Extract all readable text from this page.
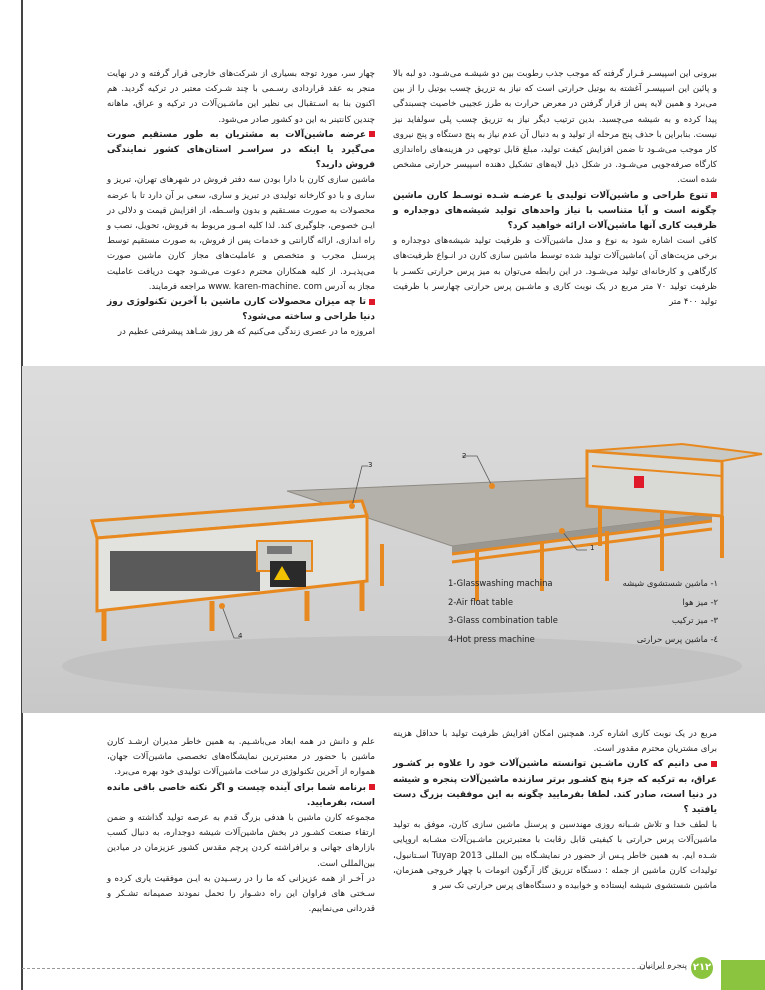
بیرونی این اسپیسـر قـرار گرفته که موجب جذب رطوبت بین دو شیشـه می‌شـود. دو لبه بالا و پائین این اسپیسـر آغشته به بوتیل حرارتی است که نیاز به تزریق چسب بوتیل را از بین می‌برد و همین لایه پس از قرار گرفتن در معرض حرارت به طرز عجیبی خاصیت چسبندگی پیدا کرده و به شیشه می‌چسبد. بدین ترتیب دیگر نیاز به تزریق چسب پلی سولفاید نیز نیست. بنابراین با حذف پنج مرحله از تولید و به دنبال آن عدم نیاز به پنج دستگاه و پنج نیروی کار موجب می‌شـود تا ضمن افزایش کیفت تولید، مبلغ قابل توجهی در هزینه‌های راه‌اندازی کارگاه صرفه‌جویی می‌شـود. در شکل ذیل لایه‌های تشکیل دهنده اسپیسر حرارتی مشخص شده است.

تنوع طراحی و ماشین‌آلات تولیدی یا عرضـه شـده توسـط کارن ماشین چگونه است و آیا متناسب با نیاز واحدهای تولید شیشه‌های دوجداره و ظرفیت کاری آنها ماشین‌آلات ارائه خواهید کرد؟

کافی است اشاره شود به نوع و مدل ماشین‌آلات و ظرفیت تولید شیشه‌های دوجداره و برخی مزیت‌های آن )ماشین‌آلات تولید شده توسط ماشین سازی کارن در انـواع ظرفیت‌های کارگاهی و کارخانه‌ای تولید می‌شـود. در این رابطه می‌توان به میز پرس حرارتی تکسـر با ظرفیت تولید ۷۰ متر مربع در یک نوبت کاری و ماشـین پرس حرارتی چهارسر با ظرفیت تولید ۴۰۰ متر

چهار سر، مورد توجه بسیاری از شرکت‌های خارجی قرار گرفته و در نهایت منجر به عقد قراردادی رسـمی با چند شـرکت معتبر در ترکیه گردید. هم اکنون بنا به اسـتقبال بی نظیر این ماشـین‌آلات در ترکیه و عراق، ماهانه چندین کانتینر به این دو کشور صادر می‌شود.

عرضه ماشین‌آلات به مشتریان به طور مستقیم صورت می‌گیرد یا اینکه در سراسـر استان‌های کشور نمایندگی فروش دارید؟

ماشین سازی کارن با دارا بودن سه دفتر فروش در شهرهای تهران، تبریز و ساری و با دو کارخانه تولیدی در تبریز و ساری، سعی بر آن دارد تا با عرضه محصولات به صورت مسـتقیم و بدون واسـطه، از افزایش قیمت و دلالی در ایـن خصوص، جلوگیری کند. لذا کلیه امـور مربوط به فروش، تحویل، نصب و راه اندازی، ارائه گارانتی و خدمات پس از فروش، به صورت مستقیم توسط پرسنل مجرب و متخصص و عاملیت‌های مجاز کارن ماشین صورت می‌پذیـرد. از کلیه همکاران محترم دعوت می‌شـود جهت دریافت عاملیت مجاز به آدرس www. karen-machine. com مراجعه فرمایند.

تا چه میزان محصولات کارن ماشین با آخرین تکنولوژی روز دنیا طراحی و ساخته می‌شود؟

امروزه ما در عصری زندگی می‌کنیم که هر روز شـاهد پیشرفتی عظیم در

3
2
1
4
1-Glasswashing machina	۱- ماشین شستشوی شیشه
2-Air float table	۲- میز هوا
3-Glass combination table	۳- میز ترکیب
4-Hot press machine	٤- ماشین پرس حرارتی

مربع در یک نوبت کاری اشاره کرد. همچنین امکان افزایش ظرفیت تولید با حداقل هزینه برای مشتریان محترم مقدور است.

می دانیم که کارن ماشـین توانسته ماشین‌آلات خود را علاوه بر کشـور عراق، به ترکیه که جزء پنج کشـور برتر سازنده ماشین‌آلات پنجره و شیشه در دنیا است، صادر کند. لطفا بفرمایید چگونه به این موفقیت بزرگ دست یافتید ؟

با لطف خدا و تلاش شـبانه روزی مهندسین و پرسنل ماشین سازی کارن، موفق به تولید ماشین‌آلات پرس حرارتی با کیفیتی قابل رقابت با معتبرترین ماشـین‌آلات مشـابه اروپایی شـده ایم. به همین خاطر پـس از حضور در نمایشـگاه بین المللی Tuyap 2013 اسـتانبول، تولیدات کارن ماشین از جمله : دستگاه تزریق گاز آرگون اتومات با چهار خروجی همزمان، ماشین شستشوی شیشه ایستاده و خوابیده و دستگاه‌های پرس حرارتی تک سر و

علم و دانش در همه ابعاد می‌باشـیم. به همین خاطر مدیران ارشـد کارن ماشین با حضور در معتبرترین نمایشگاه‌های تخصصی ماشین‌آلات جهان، همواره از آخرین تکنولوژی در ساخت ماشین‌آلات تولیدی خود بهره می‌برد.

برنامه شما برای آینده چیست و اگر نکته خاصی باقی مانده است، بفرمایید.

مجموعه کارن ماشین با هدفی بزرگ قدم به عرصه تولید گذاشته و ضمن ارتقاء صنعت کشـور در بخش ماشین‌آلات شیشه دوجداره، به دنبال کسب بازارهای جهانی و برافراشته کردن پرچم مقدس کشور عزیزمان در میادین بین‌المللی است.

در آخـر از همه عزیزانی که ما را در رسـیدن به ایـن موفقیت یاری کرده و سـختی های فراوان این راه دشـوار را تحمل نمودند صمیمانه تشـکر و قدردانی می‌نماییم.

پنجره ایرانیان ۲۱۲
